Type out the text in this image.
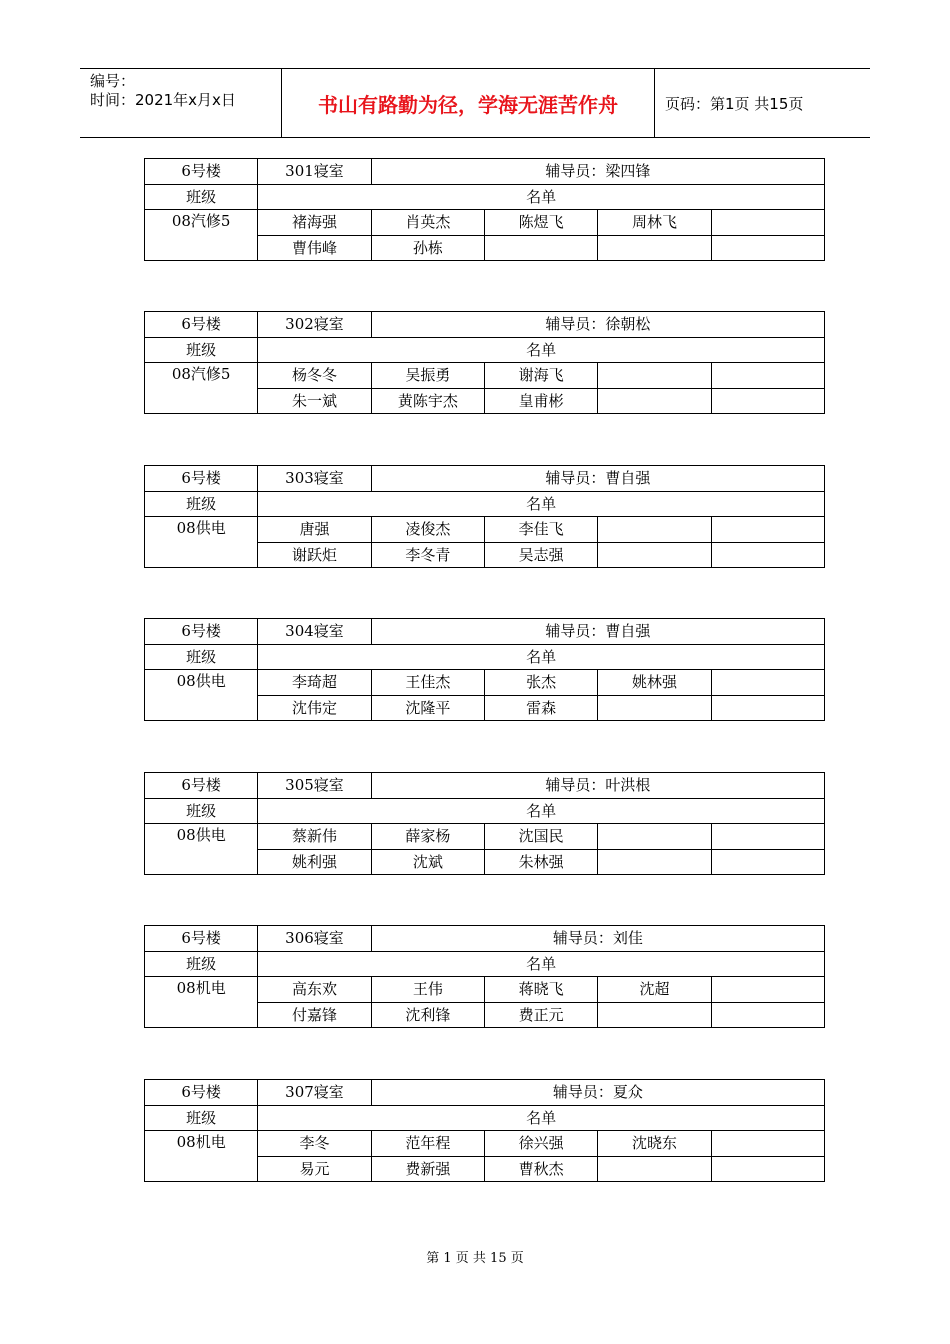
编号：
时间：2021年x月x日	书山有路勤为径，学海无涯苦作舟	页码：第1页 共15页
6号楼	301寝室	辅导员：梁四锋			
班级	名单				
08汽修5	褚海强	肖英杰	陈煜飞	周林飞	
	曹伟峰	孙栋			
6号楼	302寝室	辅导员：徐朝松			
班级	名单				
08汽修5	杨冬冬	吴振勇	谢海飞		
	朱一斌	黄陈宇杰	皇甫彬		
6号楼	303寝室	辅导员：曹自强			
班级	名单				
08供电	唐强	凌俊杰	李佳飞		
	谢跃炬	李冬青	吴志强		
6号楼	304寝室	辅导员：曹自强			
班级	名单				
08供电	李琦超	王佳杰	张杰	姚林强	
	沈伟定	沈隆平	雷森		
6号楼	305寝室	辅导员：叶洪根			
班级	名单				
08供电	蔡新伟	薛家杨	沈国民		
	姚利强	沈斌	朱林强		
6号楼	306寝室	辅导员：刘佳			
班级	名单				
08机电	高东欢	王伟	蒋晓飞	沈超	
	付嘉锋	沈利锋	费正元		
6号楼	307寝室	辅导员：夏众			
班级	名单				
08机电	李冬	范年程	徐兴强	沈晓东	
	易元	费新强	曹秋杰		
第 1 页 共 15 页
